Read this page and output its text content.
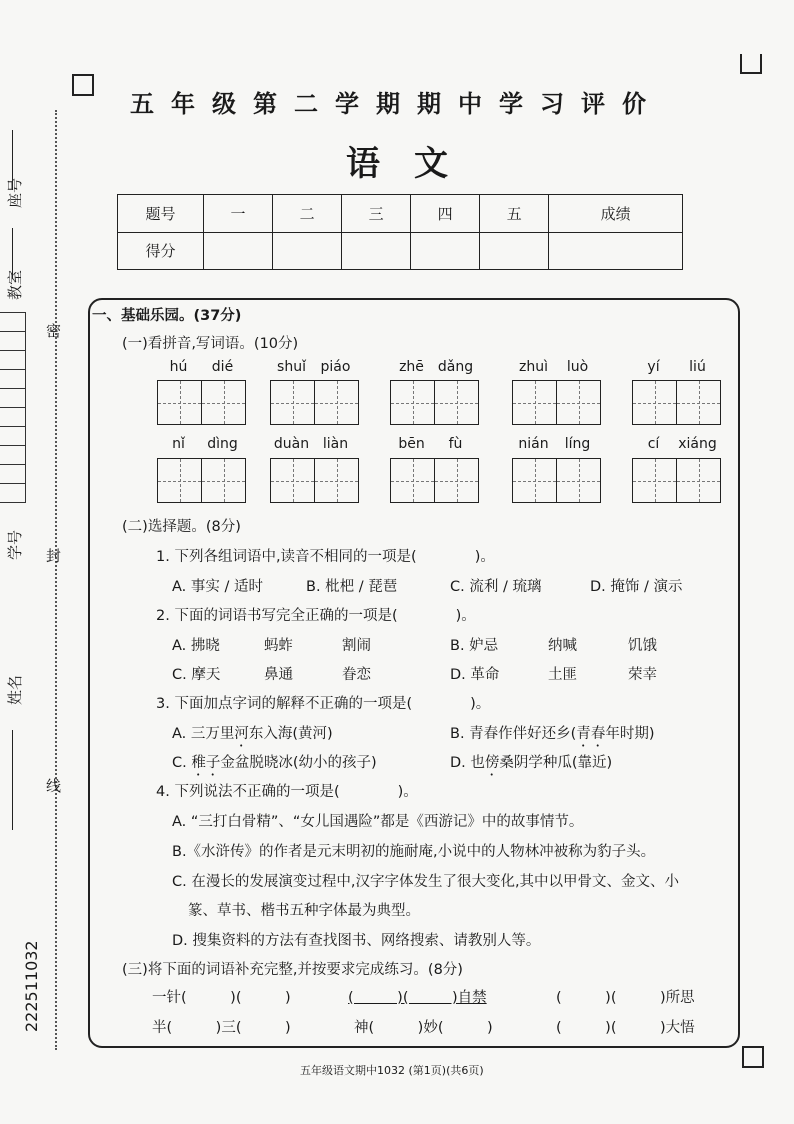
座号
教室
学号
姓名
222511032
密
封
线
五年级第二学期期中学习评价
语文
题号	一	二	三	四	五	成绩
得分						
一、基础乐园。(37分)
(一)看拼音,写词语。(10分)
hú	dié	shuǐ	piáo	zhē dǎng	zhuì	luò	yí	liú
nǐ	dìng	duàn liàn	bēn	fù	nián	líng	cí	xiáng
(二)选择题。(8分)
1. 下列各组词语中,读音不相同的一项是(　　　　)。
A. 事实 / 适时	B. 枇杷 / 琵琶	C. 流利 / 琉璃	D. 掩饰 / 演示
2. 下面的词语书写完全正确的一项是(　　　　)。
A. 拂晓	蚂蚱	割闹	B. 妒忌	纳喊	饥饿
C. 摩天	鼻通	眷恋	D. 革命	土匪	荣幸
3. 下面加点字词的解释不正确的一项是(　　　　)。
A. 三万里河东入海(黄河)	B. 青春作伴好还乡(青春年时期)
C. 稚子金盆脱晓冰(幼小的孩子)	D. 也傍桑阴学种瓜(靠近)
4. 下列说法不正确的一项是(　　　　)。
A. “三打白骨精”、“女儿国遇险”都是《西游记》中的故事情节。
B.《水浒传》的作者是元末明初的施耐庵,小说中的人物林冲被称为豹子头。
C. 在漫长的发展演变过程中,汉字字体发生了很大变化,其中以甲骨文、金文、小
篆、草书、楷书五种字体最为典型。
D. 搜集资料的方法有查找图书、网络搜索、请教别人等。
(三)将下面的词语补充完整,并按要求完成练习。(8分)
一针(　　　)(　　　)	(　　　)(　　　)自禁	(　　　)(　　　)所思
半(　　　)三(　　　)	神(　　　)妙(　　　)	(　　　)(　　　)大悟
五年级语文期中1032 (第1页)(共6页)
